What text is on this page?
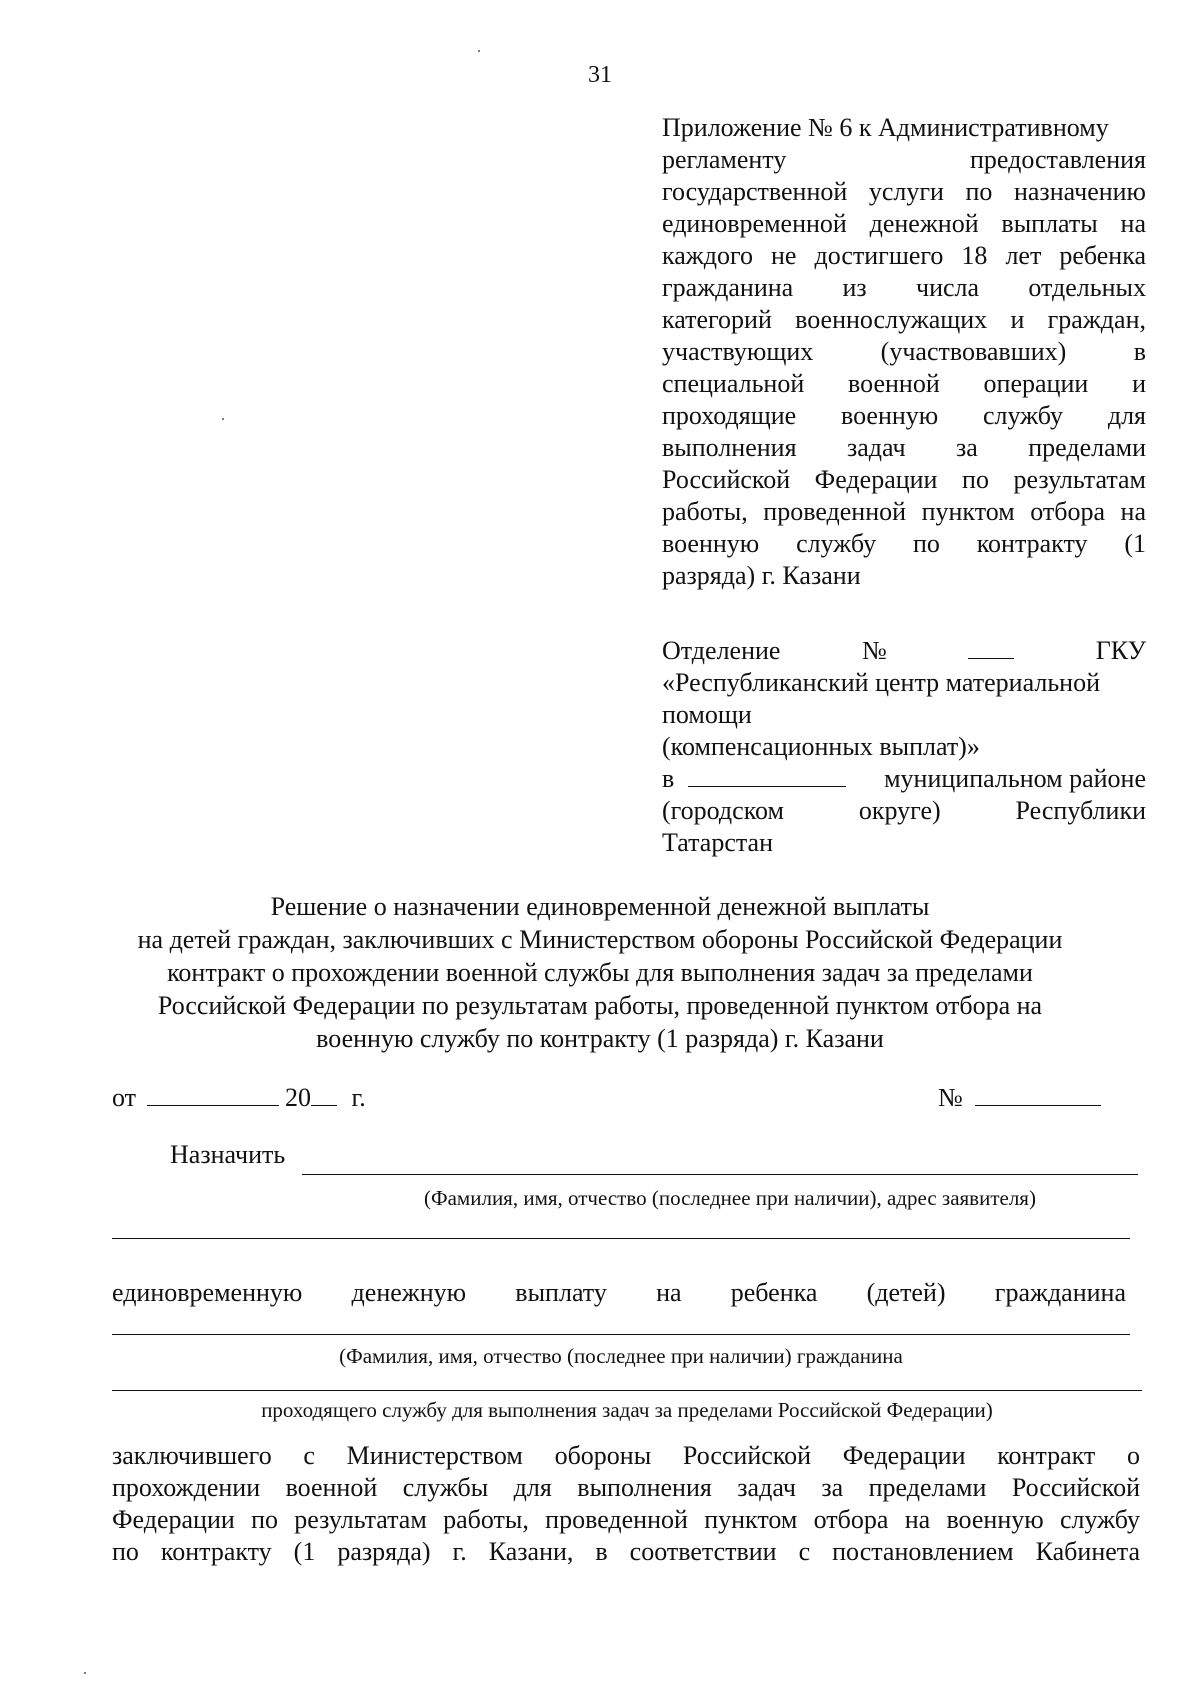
31
Приложение № 6 к Административному
регламенту предоставления
государственной услуги по назначению
единовременной денежной выплаты на
каждого не достигшего 18 лет ребенка
гражданина из числа отдельных
категорий военнослужащих и граждан,
участвующих (участвовавших) в
специальной военной операции и
проходящие военную службу для
выполнения задач за пределами
Российской Федерации по результатам
работы, проведенной пунктом отбора на
военную службу по контракту (1
разряда) г. Казани
Отделение	№	ГКУ
«Республиканский центр материальной
помощи
(компенсационных выплат)»
в	муниципальном районе
(городском округе) Республики
Татарстан
Решение о назначении единовременной денежной выплаты
на детей граждан, заключивших с Министерством обороны Российской Федерации
контракт о прохождении военной службы для выполнения задач за пределами
Российской Федерации по результатам работы, проведенной пунктом отбора на
военную службу по контракту (1 разряда) г. Казани
от	20 г.	№
Назначить
(Фамилия, имя, отчество (последнее при наличии), адрес заявителя)
единовременную денежную выплату на ребенка (детей) гражданина
(Фамилия, имя, отчество (последнее при наличии) гражданина
проходящего службу для выполнения задач за пределами Российской Федерации)
заключившего с Министерством обороны Российской Федерации контракт о
прохождении военной службы для выполнения задач за пределами Российской
Федерации по результатам работы, проведенной пунктом отбора на военную службу
по контракту (1 разряда) г. Казани, в соответствии с постановлением Кабинета
